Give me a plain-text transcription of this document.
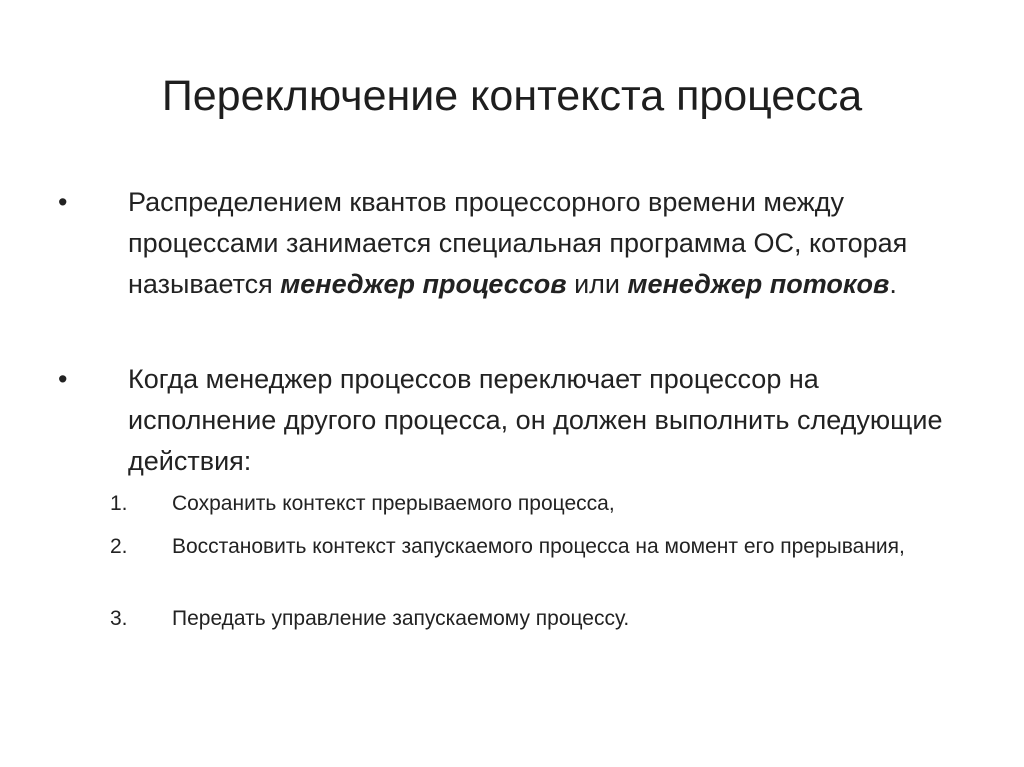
Переключение контекста процесса
• Распределением квантов процессорного времени между процессами занимается специальная программа ОС, которая называется менеджер процессов или менеджер потоков.
• Когда менеджер процессов переключает процессор на исполнение другого процесса, он должен выполнить следующие действия:
1. Сохранить контекст прерываемого процесса,
2. Восстановить контекст запускаемого процесса на момент его прерывания,
3. Передать управление запускаемому процессу.
